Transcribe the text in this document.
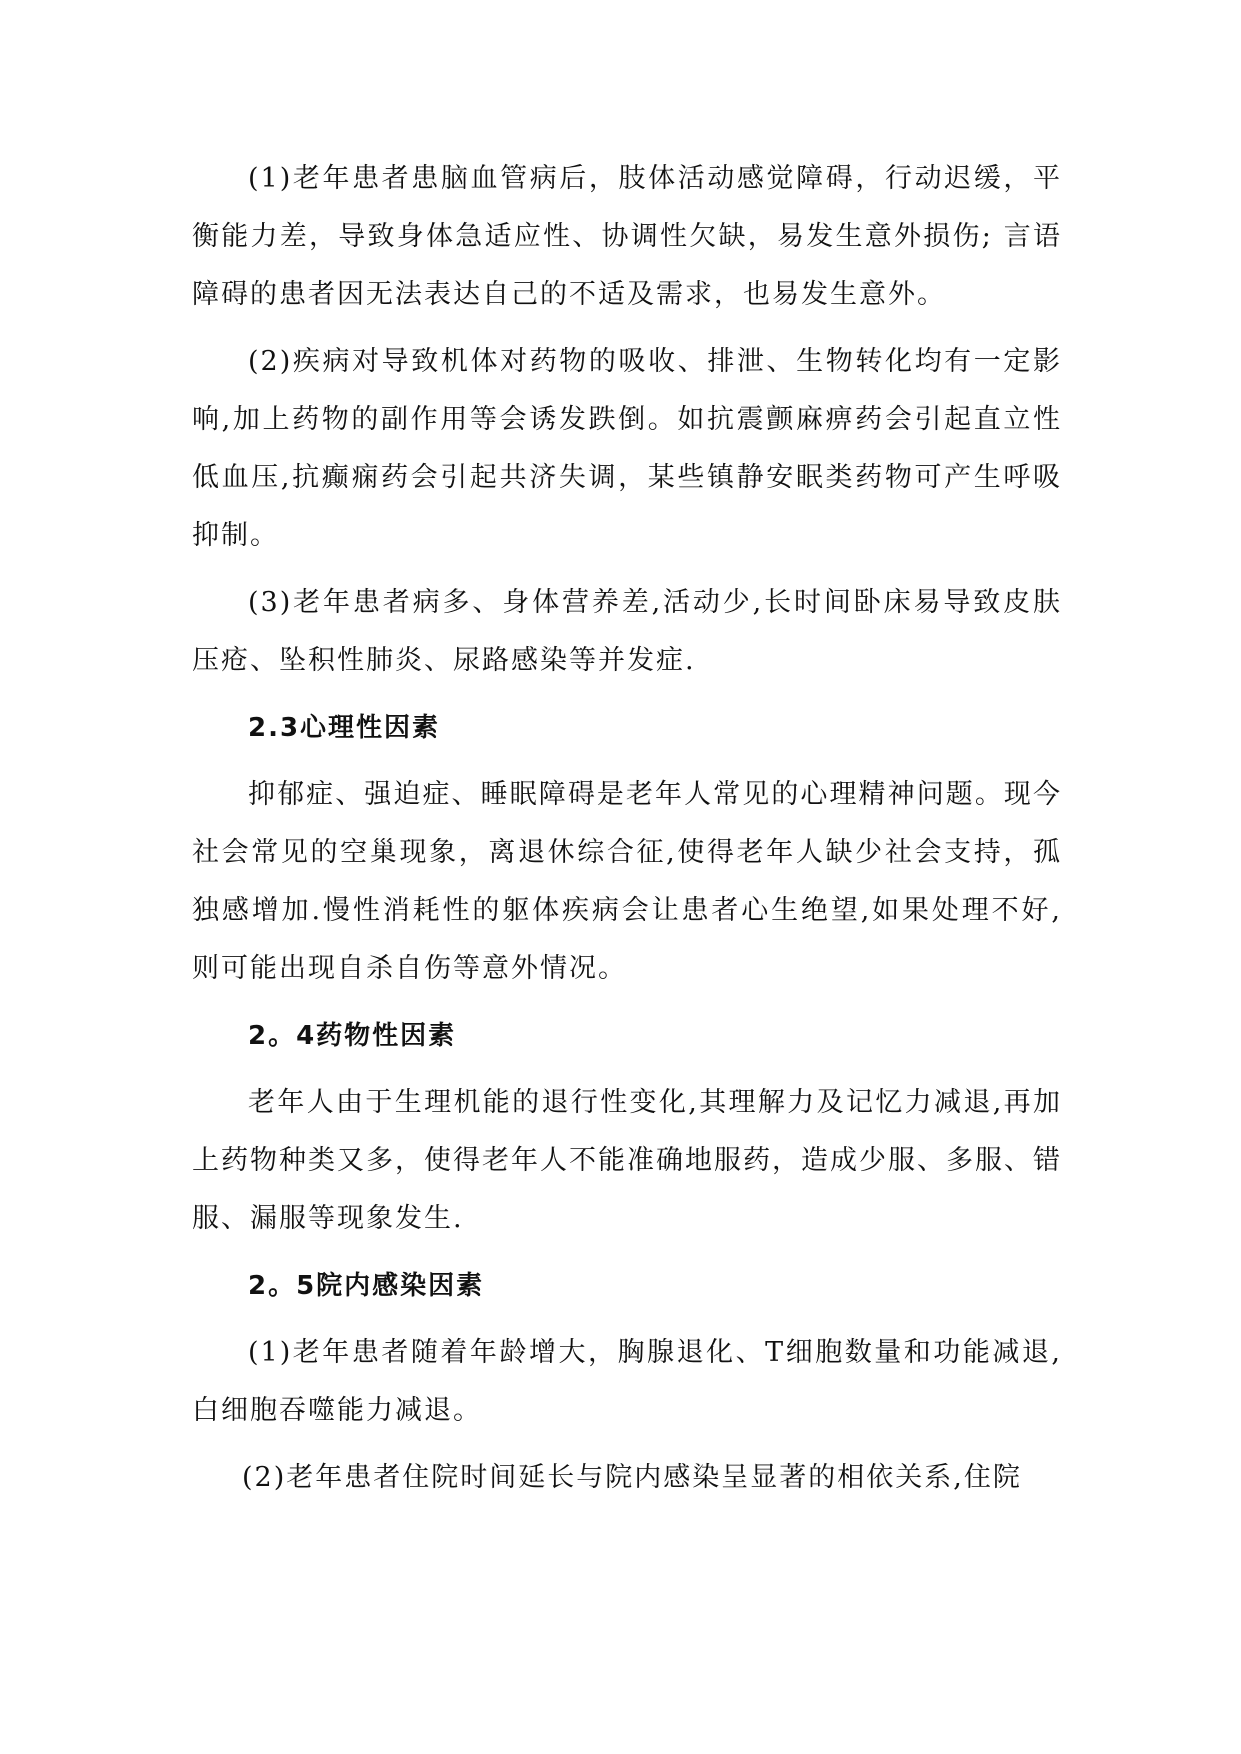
(1)老年患者患脑血管病后，肢体活动感觉障碍，行动迟缓，平衡能力差，导致身体急适应性、协调性欠缺，易发生意外损伤; 言语障碍的患者因无法表达自己的不适及需求，也易发生意外。

(2)疾病对导致机体对药物的吸收、排泄、生物转化均有一定影响,加上药物的副作用等会诱发跌倒。如抗震颤麻痹药会引起直立性低血压,抗癫痫药会引起共济失调，某些镇静安眠类药物可产生呼吸抑制。

(3)老年患者病多、身体营养差,活动少,长时间卧床易导致皮肤压疮、坠积性肺炎、尿路感染等并发症.

2.3心理性因素

抑郁症、强迫症、睡眠障碍是老年人常见的心理精神问题。现今社会常见的空巢现象，离退休综合征,使得老年人缺少社会支持，孤独感增加.慢性消耗性的躯体疾病会让患者心生绝望,如果处理不好,则可能出现自杀自伤等意外情况。

2。4药物性因素

老年人由于生理机能的退行性变化,其理解力及记忆力减退,再加上药物种类又多，使得老年人不能准确地服药，造成少服、多服、错服、漏服等现象发生.

2。5院内感染因素

(1)老年患者随着年龄增大，胸腺退化、T细胞数量和功能减退,白细胞吞噬能力减退。

(2)老年患者住院时间延长与院内感染呈显著的相依关系,住院
